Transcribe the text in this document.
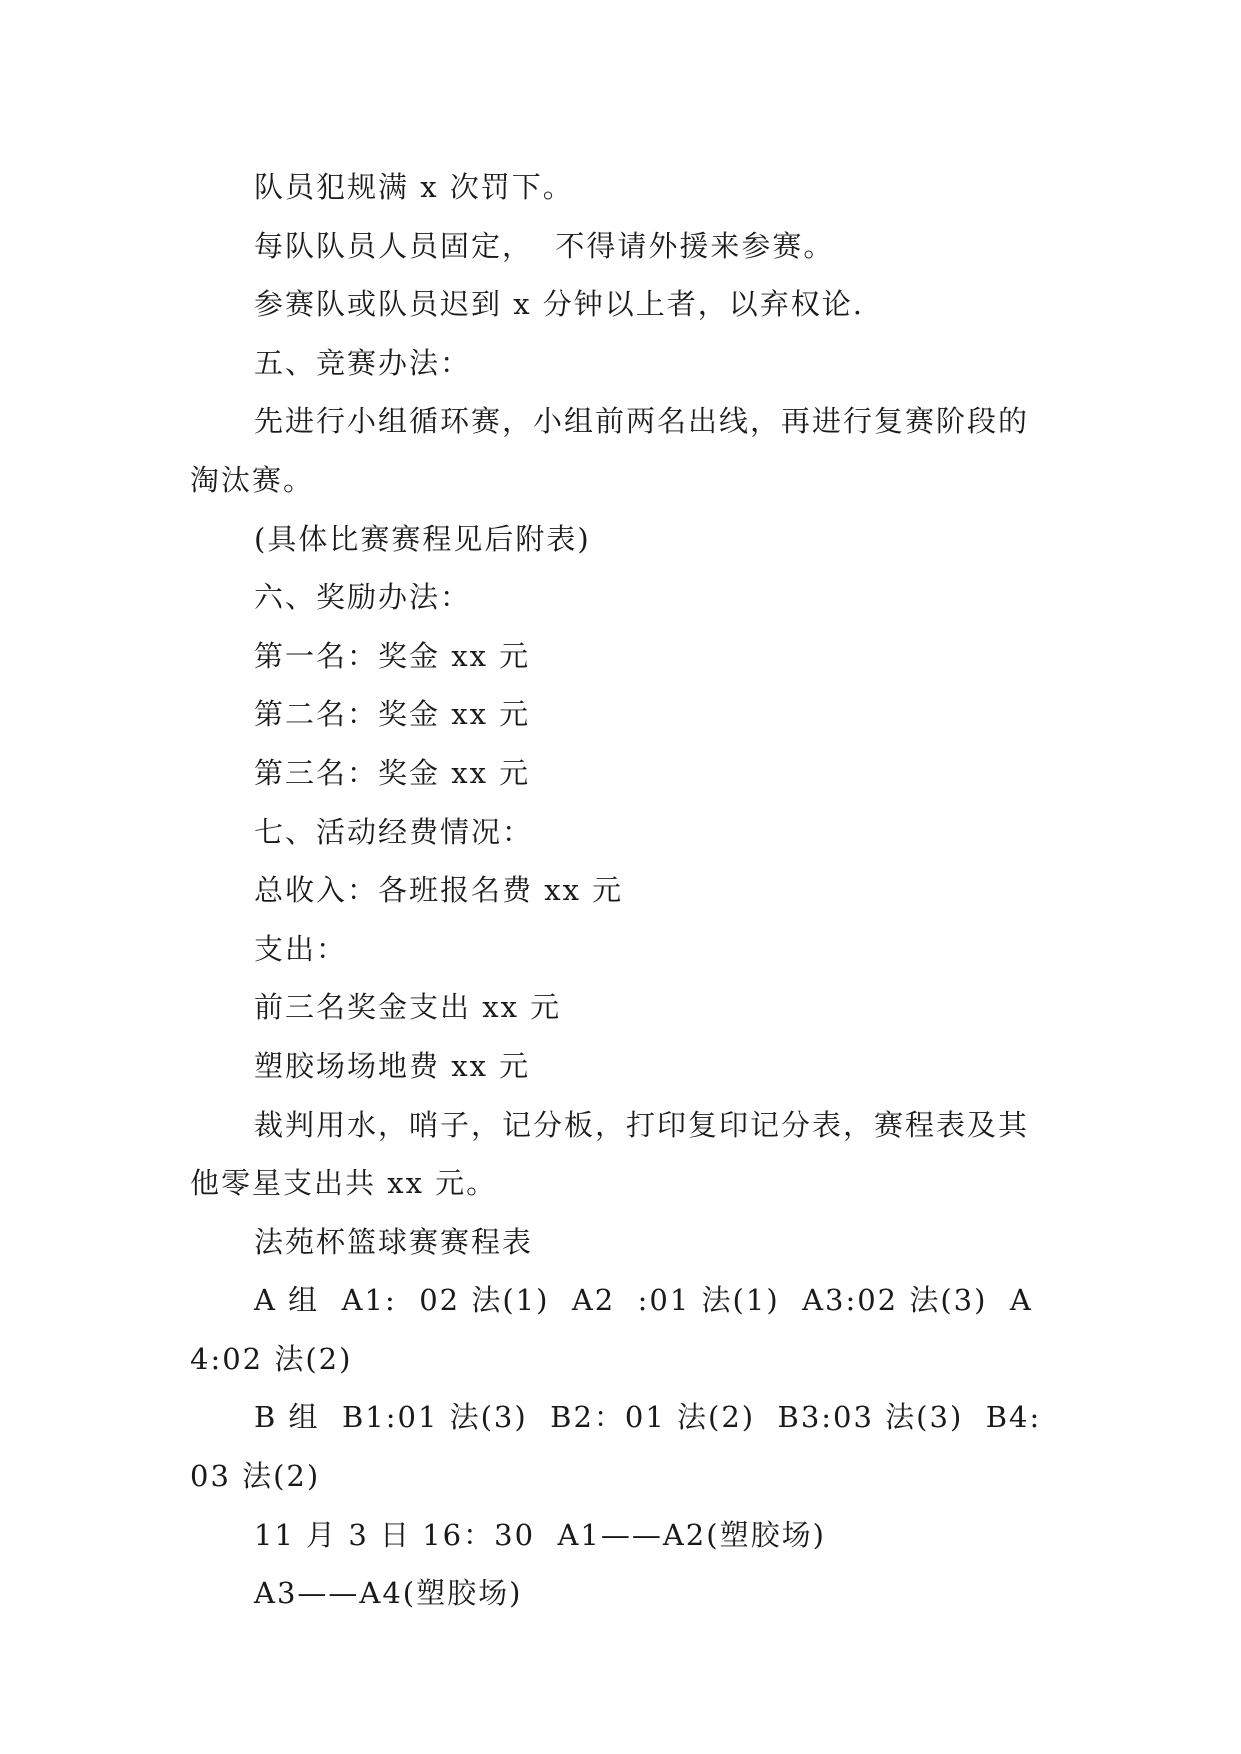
队员犯规满 x 次罚下。

每队队员人员固定，  不得请外援来参赛。

参赛队或队员迟到 x 分钟以上者，以弃权论.

五、竞赛办法：

先进行小组循环赛，小组前两名出线，再进行复赛阶段的淘汰赛。

(具体比赛赛程见后附表)

六、奖励办法：

第一名：奖金 xx 元

第二名：奖金 xx 元

第三名：奖金 xx 元

七、活动经费情况：

总收入：各班报名费 xx 元

支出：

前三名奖金支出 xx 元

塑胶场场地费 xx 元

裁判用水，哨子，记分板，打印复印记分表，赛程表及其他零星支出共 xx 元。

法苑杯篮球赛赛程表

A 组  A1:  02 法(1)  A2  :01 法(1)  A3:02 法(3)  A4:02 法(2)

B 组  B1:01 法(3)  B2：01 法(2)  B3:03 法(3)  B4:03 法(2)

11 月 3 日 16：30  A1——A2(塑胶场)

A3——A4(塑胶场)
